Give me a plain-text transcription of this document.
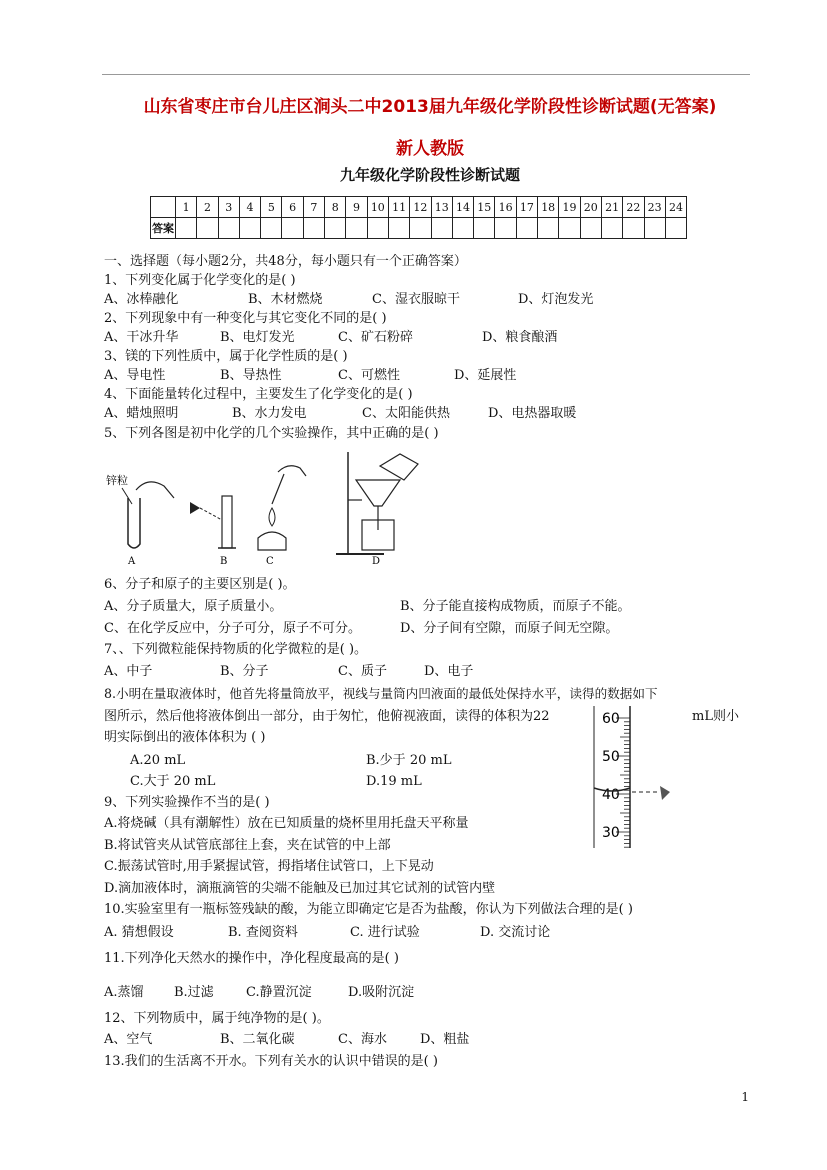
山东省枣庄市台儿庄区涧头二中2013届九年级化学阶段性诊断试题(无答案)
新人教版
九年级化学阶段性诊断试题
	1	2	3	4	5	6	7	8	9	10	11	12	13	14	15	16	17	18	19	20	21	22	23	24
答案																								
一、选择题（每小题2分，共48分，每小题只有一个正确答案）
1、下列变化属于化学变化的是( )
A、冰棒融化	B、木材燃烧	C、湿衣服晾干	D、灯泡发光
2、下列现象中有一种变化与其它变化不同的是( )
A、干冰升华	B、电灯发光	C、矿石粉碎	D、粮食酿酒
3、镁的下列性质中，属于化学性质的是( )
A、导电性	B、导热性	C、可燃性	D、延展性
4、下面能量转化过程中，主要发生了化学变化的是( )
A、蜡烛照明	B、水力发电	C、太阳能供热	D、电热器取暖
5、下列各图是初中化学的几个实验操作，其中正确的是( )
锌粒
A	B	C	D
6、分子和原子的主要区别是( )。
A、分子质量大，原子质量小。	B、分子能直接构成物质，而原子不能。
C、在化学反应中，分子可分，原子不可分。	D、分子间有空隙，而原子间无空隙。
7、、下列微粒能保持物质的化学微粒的是( )。
A、中子	B、分子	C、质子	D、电子
8.小明在量取液体时，他首先将量筒放平，视线与量筒内凹液面的最低处保持水平，读得的数据如下
图所示，然后他将液体倒出一部分，由于匆忙，他俯视液面，读得的体积为22	mL则小
明实际倒出的液体体积为 ( )
A.20 mL	B.少于 20 mL
C.大于 20 mL	D.19 mL
60
50
40
30
9、下列实验操作不当的是( )
A.将烧碱（具有潮解性）放在已知质量的烧杯里用托盘天平称量
B.将试管夹从试管底部往上套，夹在试管的中上部
C.振荡试管时,用手紧握试管，拇指堵住试管口，上下晃动
D.滴加液体时，滴瓶滴管的尖端不能触及已加过其它试剂的试管内壁
10.实验室里有一瓶标签残缺的酸，为能立即确定它是否为盐酸，你认为下列做法合理的是( )
A. 猜想假设	B. 查阅资料	C. 进行试验	D. 交流讨论
11.下列净化天然水的操作中，净化程度最高的是( )
A.蒸馏 B.过滤 C.静置沉淀	D.吸附沉淀
12、下列物质中，属于纯净物的是( )。
A、空气	B、二氧化碳	C、海水	D、粗盐
13.我们的生活离不开水。下列有关水的认识中错误的是( )
1
